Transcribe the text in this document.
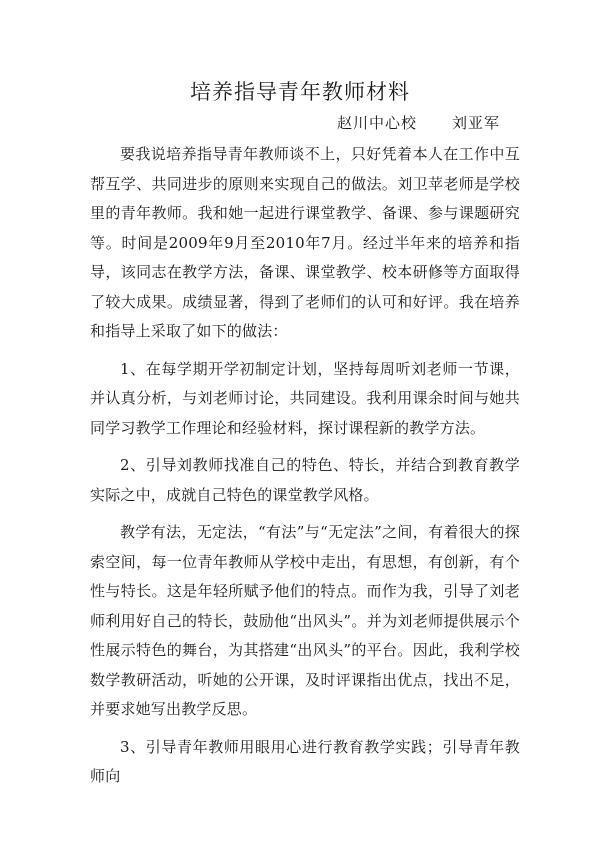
培养指导青年教师材料
赵川中心校 刘亚军

要我说培养指导青年教师谈不上，只好凭着本人在工作中互帮互学、共同进步的原则来实现自己的做法。刘卫苹老师是学校里的青年教师。我和她一起进行课堂教学、备课、参与课题研究等。时间是2009年9月至2010年7月。经过半年来的培养和指导，该同志在教学方法，备课、课堂教学、校本研修等方面取得了较大成果。成绩显著，得到了老师们的认可和好评。我在培养和指导上采取了如下的做法：

1、在每学期开学初制定计划，坚持每周听刘老师一节课，并认真分析，与刘老师讨论，共同建设。我利用课余时间与她共同学习教学工作理论和经验材料，探讨课程新的教学方法。

2、引导刘教师找准自己的特色、特长，并结合到教育教学实际之中，成就自己特色的课堂教学风格。

教学有法，无定法，“有法”与“无定法”之间，有着很大的探索空间，每一位青年教师从学校中走出，有思想，有创新，有个性与特长。这是年轻所赋予他们的特点。而作为我，引导了刘老师利用好自己的特长，鼓励他“出风头”。并为刘老师提供展示个性展示特色的舞台，为其搭建“出风头”的平台。因此，我利学校数学教研活动，听她的公开课，及时评课指出优点，找出不足，并要求她写出教学反思。

3、引导青年教师用眼用心进行教育教学实践；引导青年教师向
